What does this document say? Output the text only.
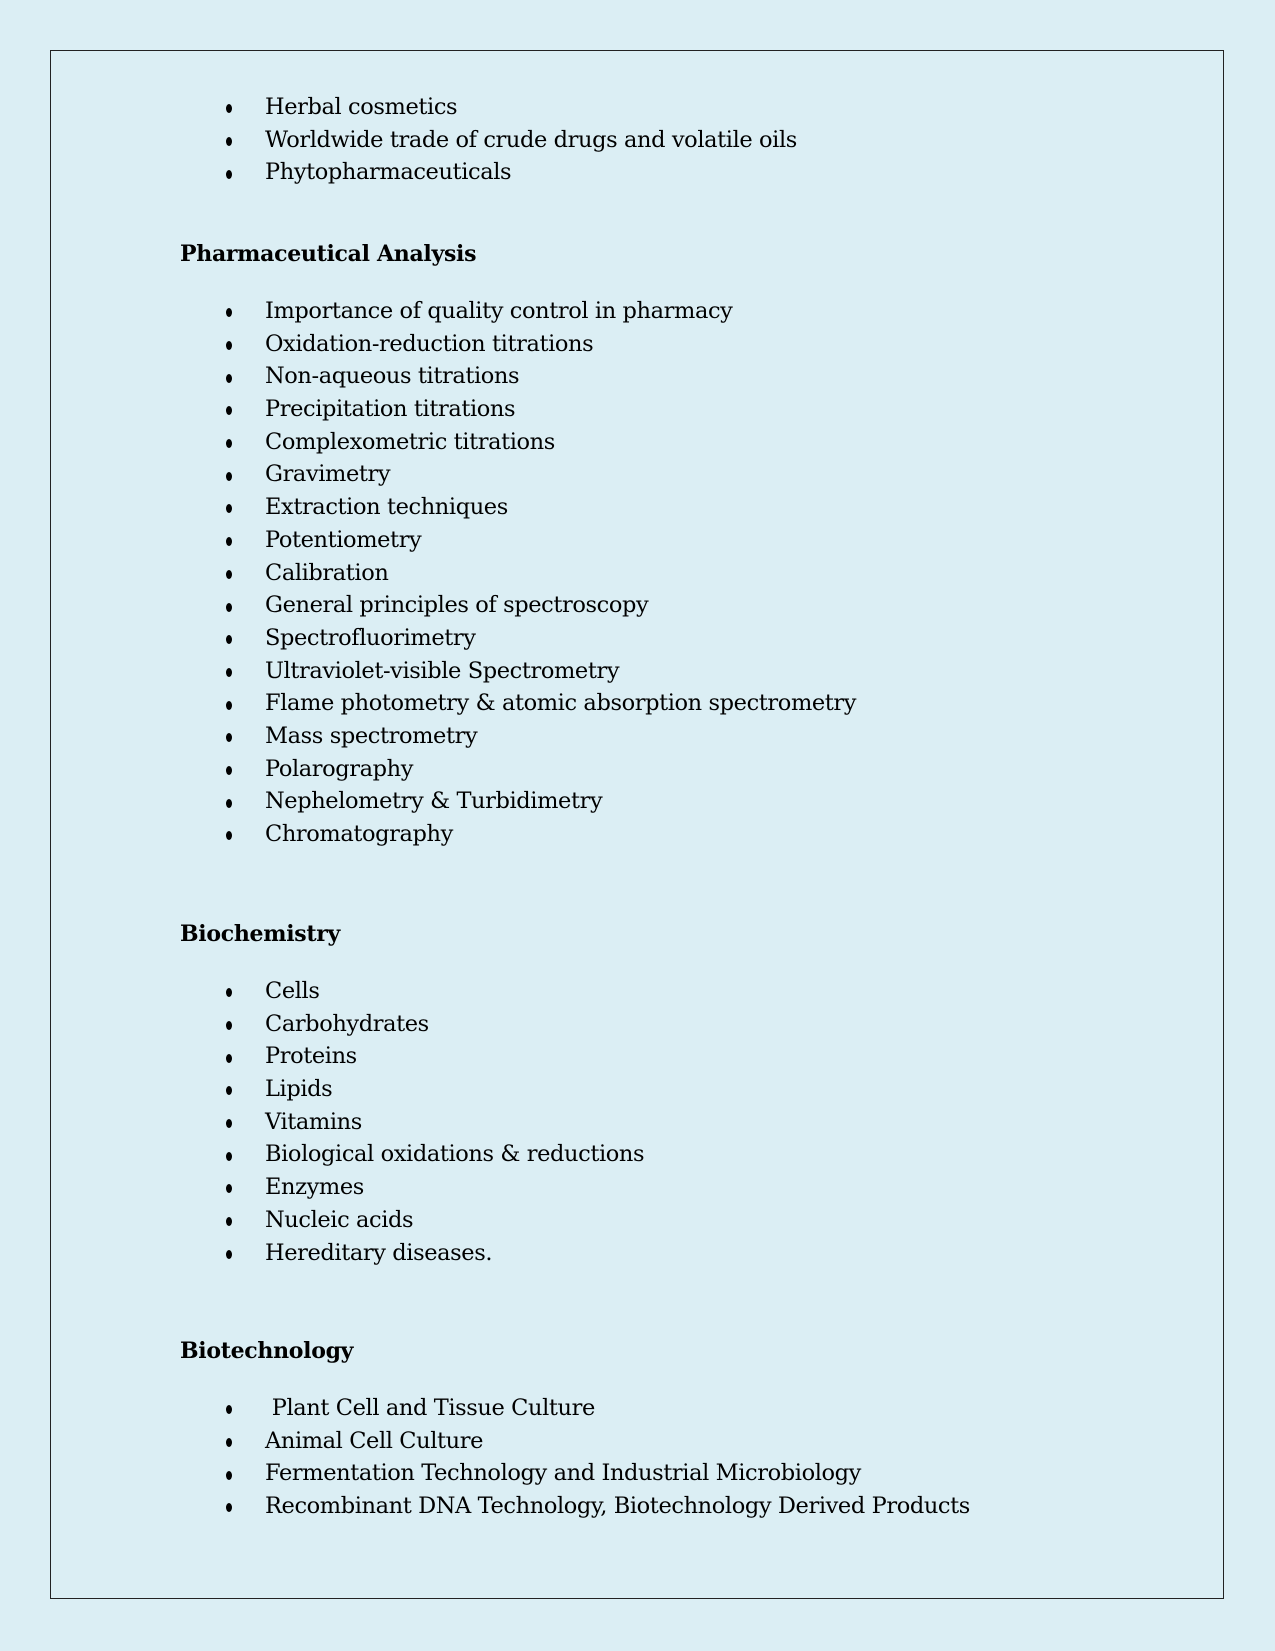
Herbal cosmetics
Worldwide trade of crude drugs and volatile oils
Phytopharmaceuticals
Pharmaceutical Analysis
Importance of quality control in pharmacy
Oxidation-reduction titrations
Non-aqueous titrations
Precipitation titrations
Complexometric titrations
Gravimetry
Extraction techniques
Potentiometry
Calibration
General principles of spectroscopy
Spectrofluorimetry
Ultraviolet-visible Spectrometry
Flame photometry & atomic absorption spectrometry
Mass spectrometry
Polarography
Nephelometry & Turbidimetry
Chromatography
Biochemistry
Cells
Carbohydrates
Proteins
Lipids
Vitamins
Biological oxidations & reductions
Enzymes
Nucleic acids
Hereditary diseases.
Biotechnology
Plant Cell and Tissue Culture
Animal Cell Culture
Fermentation Technology and Industrial Microbiology
Recombinant DNA Technology, Biotechnology Derived Products
